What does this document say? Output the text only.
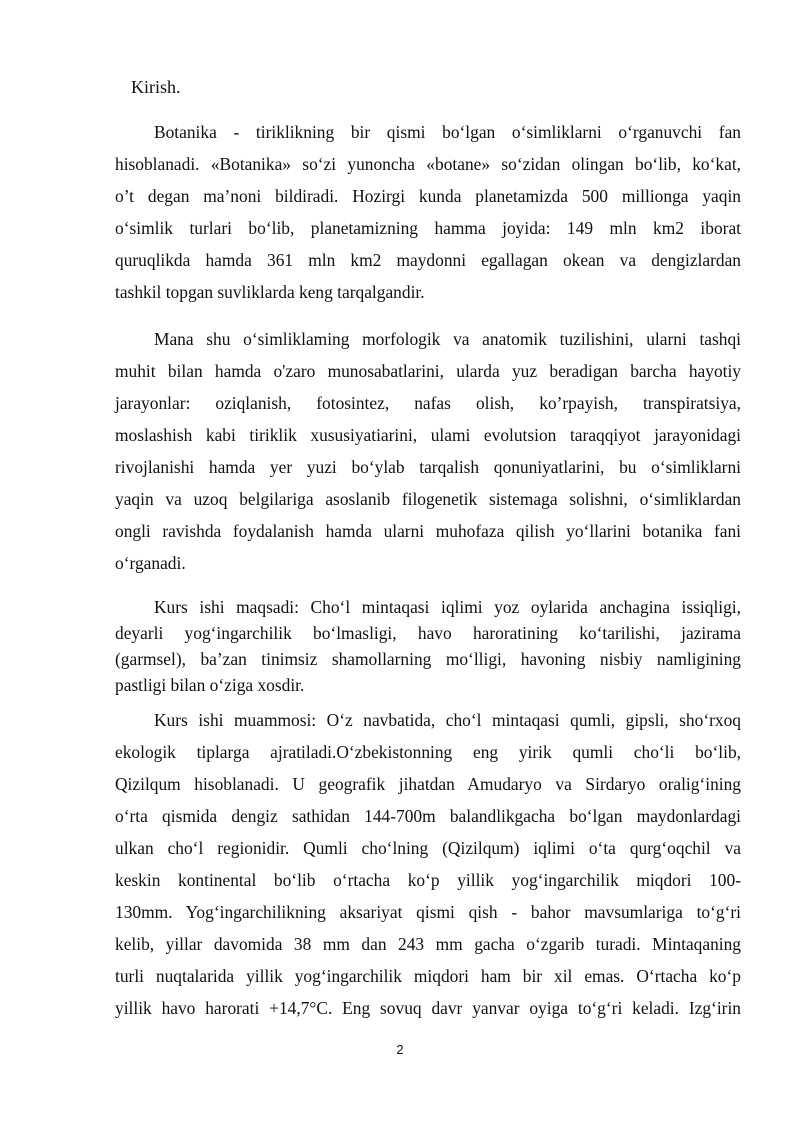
Kirish.

Botanika - tiriklikning bir qismi bo‘lgan o‘simliklarni o‘rganuvchi fan
hisoblanadi. «Botanika» so‘zi yunoncha «botane» so‘zidan olingan bo‘lib, ko‘kat,
o’t degan ma’noni bildiradi. Hozirgi kunda planetamizda 500 millionga yaqin
o‘simlik turlari bo‘lib, planetamizning hamma joyida: 149 mln km2 iborat
quruqlikda hamda 361 mln km2 maydonni egallagan okean va dengizlardan
tashkil topgan suvliklarda keng tarqalgandir.
Mana shu o‘simliklaming morfologik va anatomik tuzilishini, ularni tashqi
muhit bilan hamda o'zaro munosabatlarini, ularda yuz beradigan barcha hayotiy
jarayonlar: oziqlanish, fotosintez, nafas olish, ko’rpayish, transpiratsiya,
moslashish kabi tiriklik xususiyatiarini, ulami evolutsion taraqqiyot jarayonidagi
rivojlanishi hamda yer yuzi bo‘ylab tarqalish qonuniyatlarini, bu o‘simliklarni
yaqin va uzoq belgilariga asoslanib filogenetik sistemaga solishni, o‘simliklardan
ongli ravishda foydalanish hamda ularni muhofaza qilish yo‘llarini botanika fani
o‘rganadi.
Kurs ishi maqsadi: Cho‘l mintaqasi iqlimi yoz oylarida anchagina issiqligi,
deyarli yog‘ingarchilik bo‘lmasligi, havo haroratining ko‘tarilishi, jazirama
(garmsel), ba’zan tinimsiz shamollarning mo‘lligi, havoning nisbiy namligining
pastligi bilan o‘ziga xosdir.
Kurs ishi muammosi: O‘z navbatida, cho‘l mintaqasi qumli, gipsli, sho‘rxoq
ekologik tiplarga ajratiladi.O‘zbekistonning eng yirik qumli cho‘li bo‘lib,
Qizilqum hisoblanadi. U geografik jihatdan Amudaryo va Sirdaryo oralig‘ining
o‘rta qismida dengiz sathidan 144-700m balandlikgacha bo‘lgan maydonlardagi
ulkan cho‘l regionidir. Qumli cho‘lning (Qizilqum) iqlimi o‘ta qurg‘oqchil va
keskin kontinental bo‘lib o‘rtacha ko‘p yillik yog‘ingarchilik miqdori 100-
130mm. Yog‘ingarchilikning aksariyat qismi qish - bahor mavsumlariga to‘g‘ri
kelib, yillar davomida 38 mm dan 243 mm gacha o‘zgarib turadi. Mintaqaning
turli nuqtalarida yillik yog‘ingarchilik miqdori ham bir xil emas. O‘rtacha ko‘p
yillik havo harorati +14,7°C. Eng sovuq davr yanvar oyiga to‘g‘ri keladi. Izg‘irin

2
